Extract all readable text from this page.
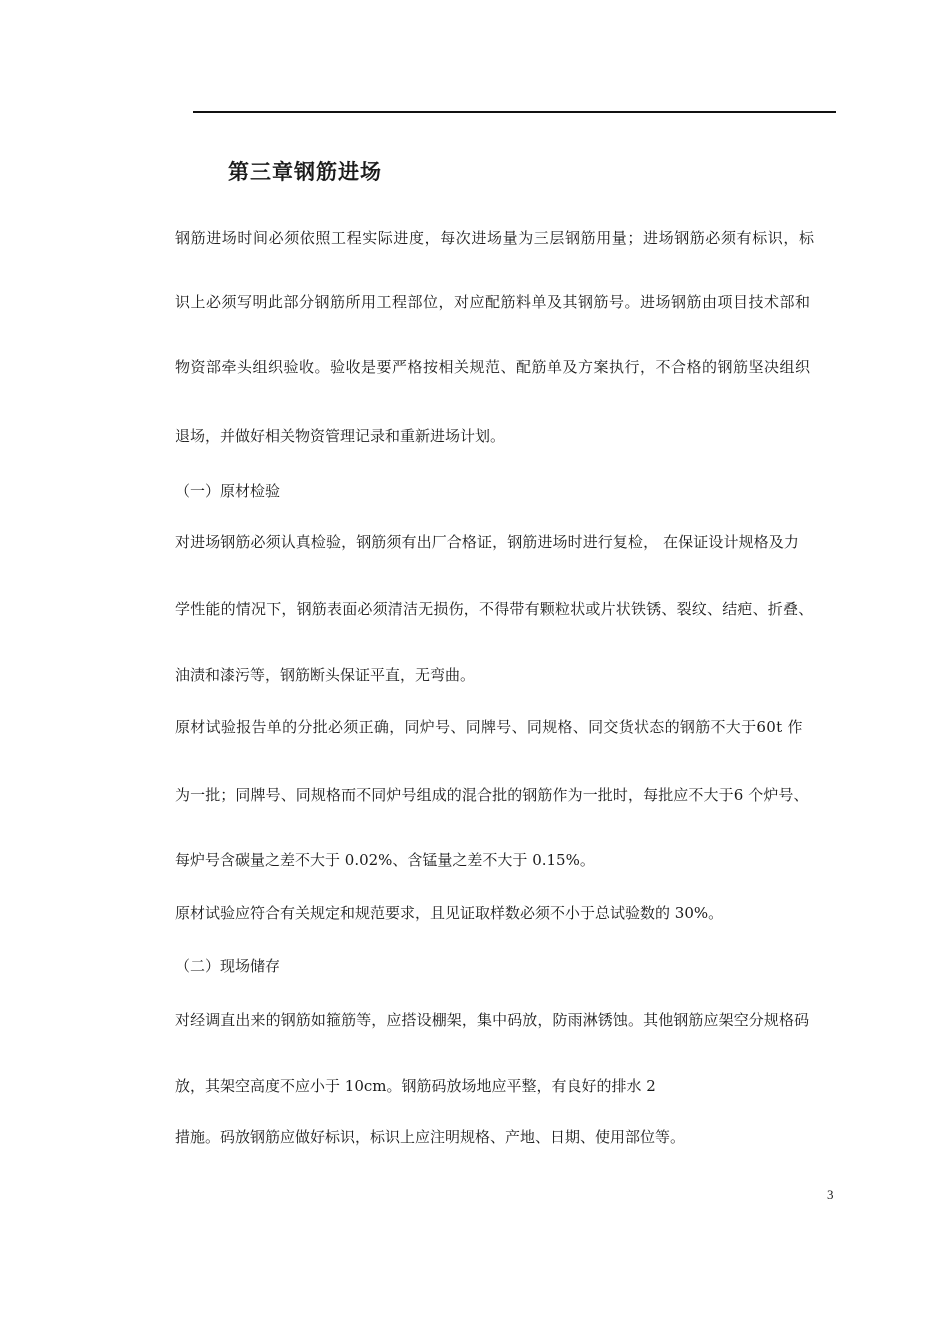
第三章钢筋进场

钢筋进场时间必须依照工程实际进度，每次进场量为三层钢筋用量；进场钢筋必须有标识，标

识上必须写明此部分钢筋所用工程部位，对应配筋料单及其钢筋号。进场钢筋由项目技术部和

物资部牵头组织验收。验收是要严格按相关规范、配筋单及方案执行，不合格的钢筋坚决组织

退场，并做好相关物资管理记录和重新进场计划。

（一）原材检验

对进场钢筋必须认真检验，钢筋须有出厂合格证，钢筋进场时进行复检， 在保证设计规格及力

学性能的情况下，钢筋表面必须清洁无损伤，不得带有颗粒状或片状铁锈、裂纹、结疤、折叠、

油渍和漆污等，钢筋断头保证平直，无弯曲。

原材试验报告单的分批必须正确，同炉号、同牌号、同规格、同交货状态的钢筋不大于60t 作

为一批；同牌号、同规格而不同炉号组成的混合批的钢筋作为一批时，每批应不大于6 个炉号、

每炉号含碳量之差不大于 0.02%、含锰量之差不大于 0.15%。

原材试验应符合有关规定和规范要求，且见证取样数必须不小于总试验数的 30%。

（二）现场储存

对经调直出来的钢筋如箍筋等，应搭设棚架，集中码放，防雨淋锈蚀。其他钢筋应架空分规格码

放，其架空高度不应小于 10cm。钢筋码放场地应平整，有良好的排水 2

措施。码放钢筋应做好标识，标识上应注明规格、产地、日期、使用部位等。

3
